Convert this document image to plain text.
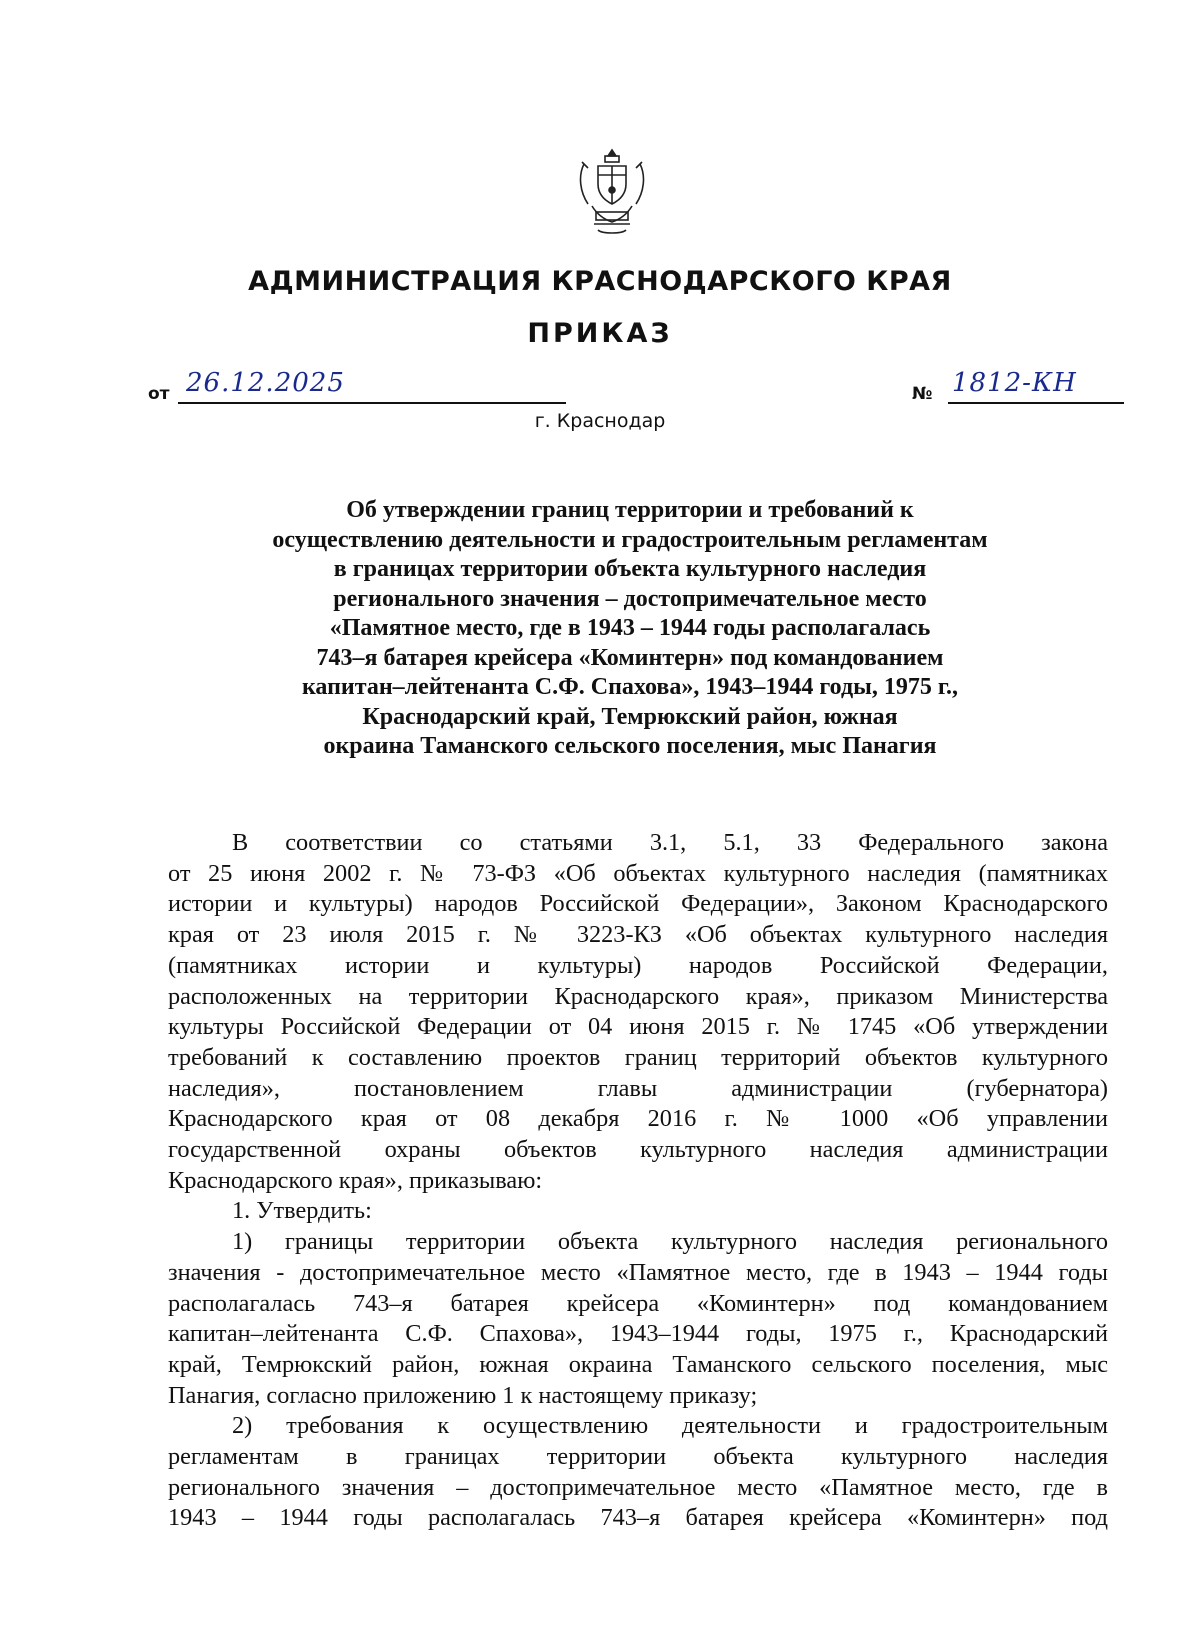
АДМИНИСТРАЦИЯ КРАСНОДАРСКОГО КРАЯ
ПРИКАЗ
от 26.12.2025	№ 1812-КН
г. Краснодар
Об утверждении границ территории и требований к
осуществлению деятельности и градостроительным регламентам
в границах территории объекта культурного наследия
регионального значения – достопримечательное место
«Памятное место, где в 1943 – 1944 годы располагалась
743–я батарея крейсера «Коминтерн» под командованием
капитан–лейтенанта С.Ф. Спахова», 1943–1944 годы, 1975 г.,
Краснодарский край, Темрюкский район, южная
окраина Таманского сельского поселения, мыс Панагия
В соответствии со статьями 3.1, 5.1, 33 Федерального закона
от 25 июня 2002 г. № 73-ФЗ «Об объектах культурного наследия (памятниках
истории и культуры) народов Российской Федерации», Законом Краснодарского
края от 23 июля 2015 г. № 3223-КЗ «Об объектах культурного наследия
(памятниках истории и культуры) народов Российской Федерации,
расположенных на территории Краснодарского края», приказом Министерства
культуры Российской Федерации от 04 июня 2015 г. № 1745 «Об утверждении
требований к составлению проектов границ территорий объектов культурного
наследия», постановлением главы администрации (губернатора)
Краснодарского края от 08 декабря 2016 г. № 1000 «Об управлении
государственной охраны объектов культурного наследия администрации
Краснодарского края», приказываю:
1. Утвердить:
1) границы территории объекта культурного наследия регионального
значения - достопримечательное место «Памятное место, где в 1943 – 1944 годы
располагалась 743–я батарея крейсера «Коминтерн» под командованием
капитан–лейтенанта С.Ф. Спахова», 1943–1944 годы, 1975 г., Краснодарский
край, Темрюкский район, южная окраина Таманского сельского поселения, мыс
Панагия, согласно приложению 1 к настоящему приказу;
2) требования к осуществлению деятельности и градостроительным
регламентам в границах территории объекта культурного наследия
регионального значения – достопримечательное место «Памятное место, где в
1943 – 1944 годы располагалась 743–я батарея крейсера «Коминтерн» под
